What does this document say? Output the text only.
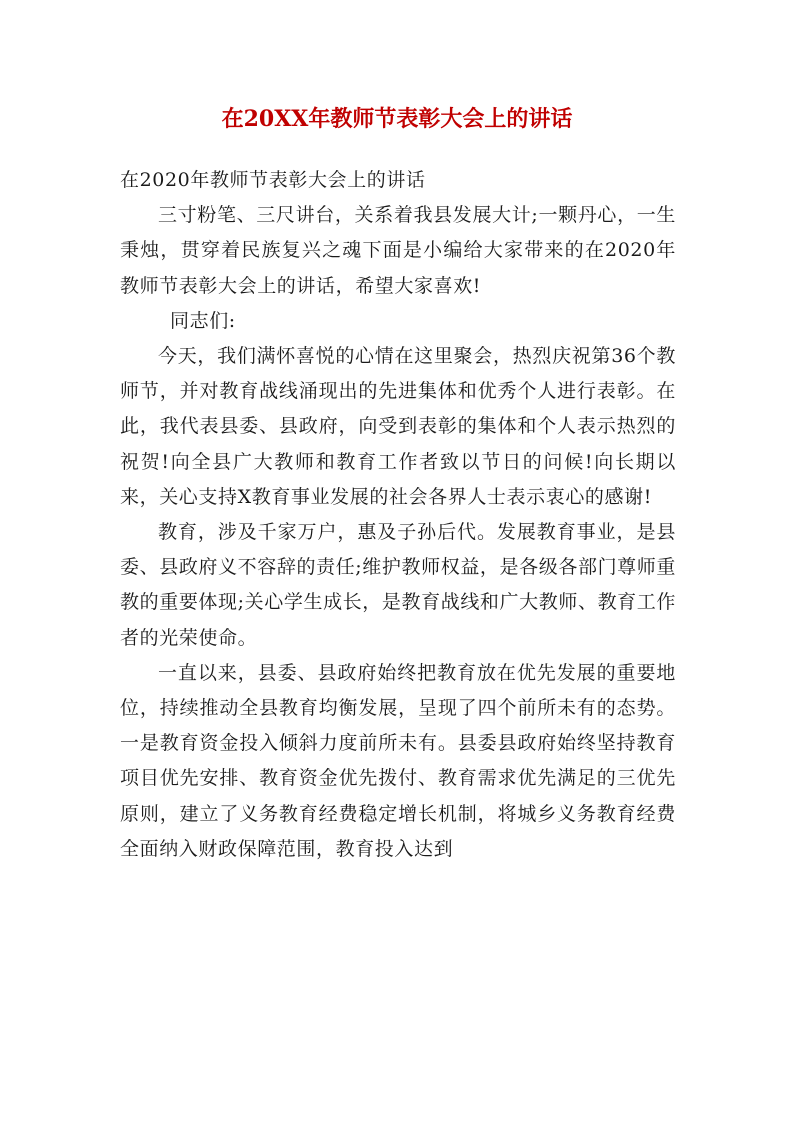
在20XX年教师节表彰大会上的讲话

在2020年教师节表彰大会上的讲话

三寸粉笔、三尺讲台，关系着我县发展大计;一颗丹心，一生秉烛，贯穿着民族复兴之魂下面是小编给大家带来的在2020年教师节表彰大会上的讲话，希望大家喜欢!

同志们:

今天，我们满怀喜悦的心情在这里聚会，热烈庆祝第36个教师节，并对教育战线涌现出的先进集体和优秀个人进行表彰。在此，我代表县委、县政府，向受到表彰的集体和个人表示热烈的祝贺!向全县广大教师和教育工作者致以节日的问候!向长期以来，关心支持X教育事业发展的社会各界人士表示衷心的感谢!

教育，涉及千家万户，惠及子孙后代。发展教育事业，是县委、县政府义不容辞的责任;维护教师权益，是各级各部门尊师重教的重要体现;关心学生成长，是教育战线和广大教师、教育工作者的光荣使命。

一直以来，县委、县政府始终把教育放在优先发展的重要地位，持续推动全县教育均衡发展，呈现了四个前所未有的态势。一是教育资金投入倾斜力度前所未有。县委县政府始终坚持教育项目优先安排、教育资金优先拨付、教育需求优先满足的三优先原则，建立了义务教育经费稳定增长机制，将城乡义务教育经费全面纳入财政保障范围，教育投入达到
